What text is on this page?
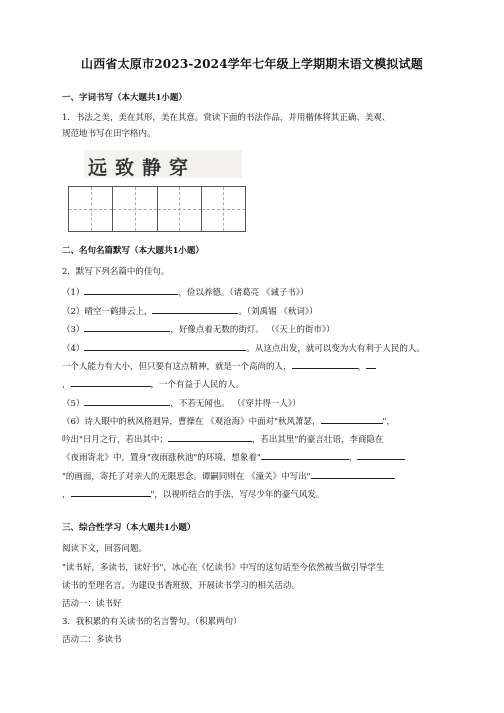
山西省太原市2023-2024学年七年级上学期期末语文模拟试题
一、字词书写（本大题共1小题）
1．书法之美，美在其形，美在其意。赏读下面的书法作品，并用楷体将其正确、美观、
规范地书写在田字格内。
远致静穿
二、名句名篇默写（本大题共1小题）
2．默写下列名篇中的佳句。
（1）	，俭以养德。（诸葛亮 《诫子书》）
（2）晴空一鹤排云上，	。（刘禹锡 《秋词》）
（3）	，好像点着无数的街灯。 （《天上的街市》）
（4）	。从这点出发，就可以变为大有利于人民的人。
一个人能力有大小，但只要有这点精神，就是一个高尚的人，	，
，	，一个有益于人民的人。
（5）	，不若无闻也。 （《穿井得一人》）
（6）诗人眼中的秋风格迥异，曹操在 《观沧海》中面对"秋风萧瑟，	"，
吟出"日月之行，若出其中；	，若出其里"的豪言壮语，李商隐在
《夜雨寄北》中，置身"夜雨涨秋池"的环境，想象着"	，
"的画面，寄托了对亲人的无限思念。谭嗣同则在 《潼关》中写出"
，	"，以视听结合的手法，写尽少年的豪气风发。
三、综合性学习（本大题共1小题）
阅读下文，回答问题。
"读书好，多读书，读好书"，冰心在《忆读书》中写的这句话至今依然被当做引导学生
读书的至理名言。为建设书香班级，开展读书学习的相关活动。
活动一：读书好
3．我积累的有关读书的名言警句。（积累两句）
活动二：多读书
